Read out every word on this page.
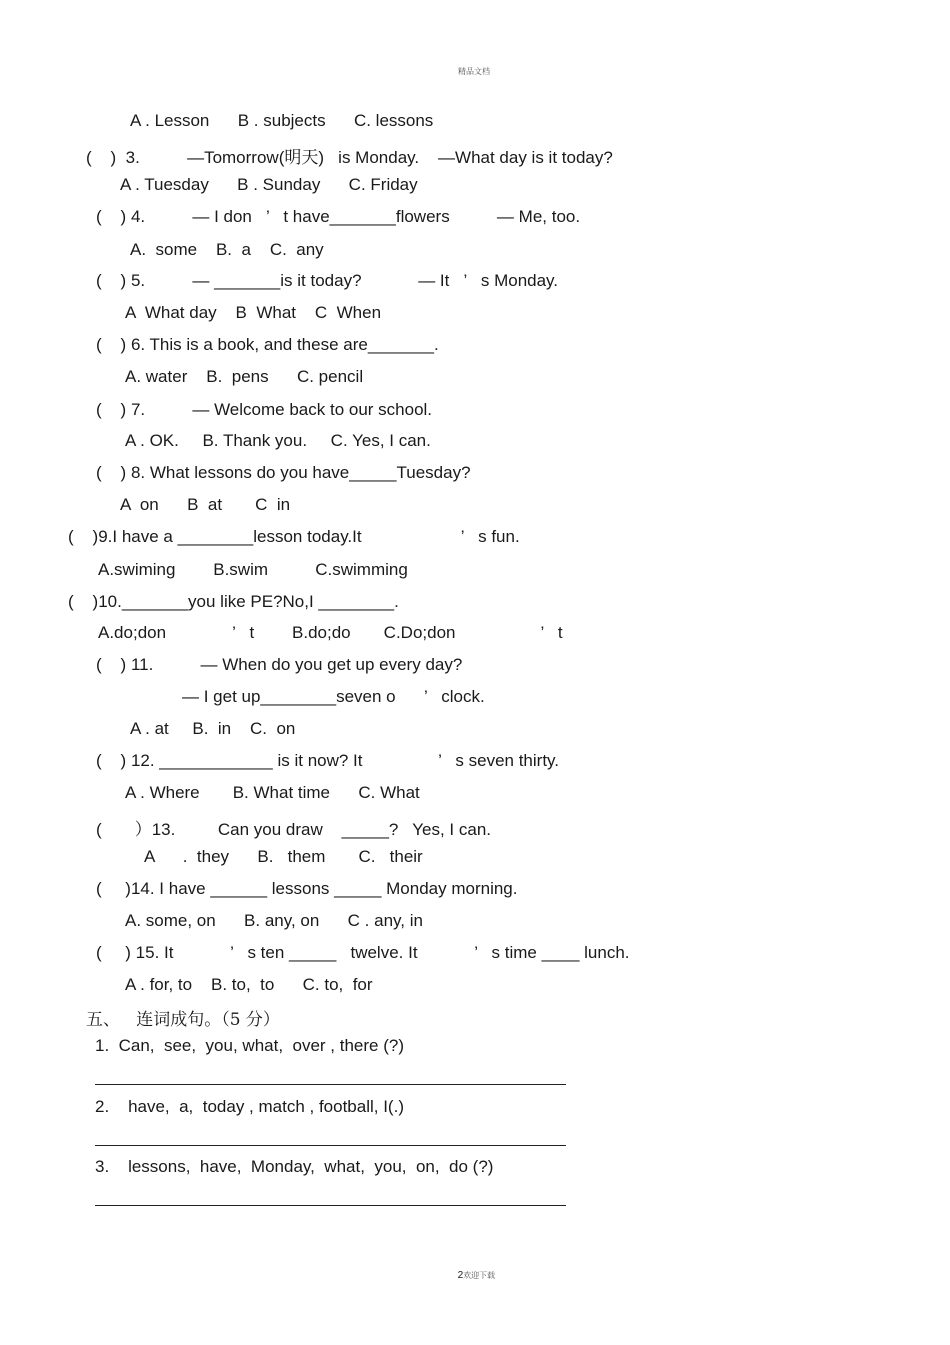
精品文档
A . Lesson      B . subjects      C. lessons
(    )  3.          —Tomorrow(明天)   is Monday.    —What day is it today?
A . Tuesday      B . Sunday      C. Friday
(    ) 4.          — I don   ’   t have_______flowers          — Me, too.
A.  some    B.  a    C.  any
(    ) 5.          — _______is it today?            — It   ’   s Monday.
A  What day    B  What    C  When
(    ) 6. This is a book, and these are_______.
A. water    B.  pens      C. pencil
(    ) 7.          — Welcome back to our school.
A . OK.     B. Thank you.     C. Yes, I can.
(    ) 8. What lessons do you have_____Tuesday?
A  on      B  at       C  in
(    )9.I have a ________lesson today.It                     ’   s fun.
A.swiming        B.swim          C.swimming
(    )10._______you like PE?No,I ________.
A.do;don              ’   t        B.do;do       C.Do;don                  ’   t
(    ) 11.          — When do you get up every day?
— I get up________seven o      ’   clock.
A . at     B.  in    C.  on
(    ) 12. ____________ is it now? It                ’   s seven thirty.
A . Where       B. What time      C. What
(       ）13.         Can you draw    _____?   Yes, I can.
A      .  they      B.   them       C.   their
(     )14. I have ______ lessons _____ Monday morning.
A. some, on      B. any, on      C . any, in
(     ) 15. It            ’   s ten _____   twelve. It            ’   s time ____ lunch.
A . for, to    B. to,  to      C. to,  for
五、   连词成句。（5 分）
1.  Can,  see,  you, what,  over , there (?)
2.    have,  a,  today , match , football, I(.)
3.    lessons,  have,  Monday,  what,  you,  on,  do (?)

2欢迎下载
